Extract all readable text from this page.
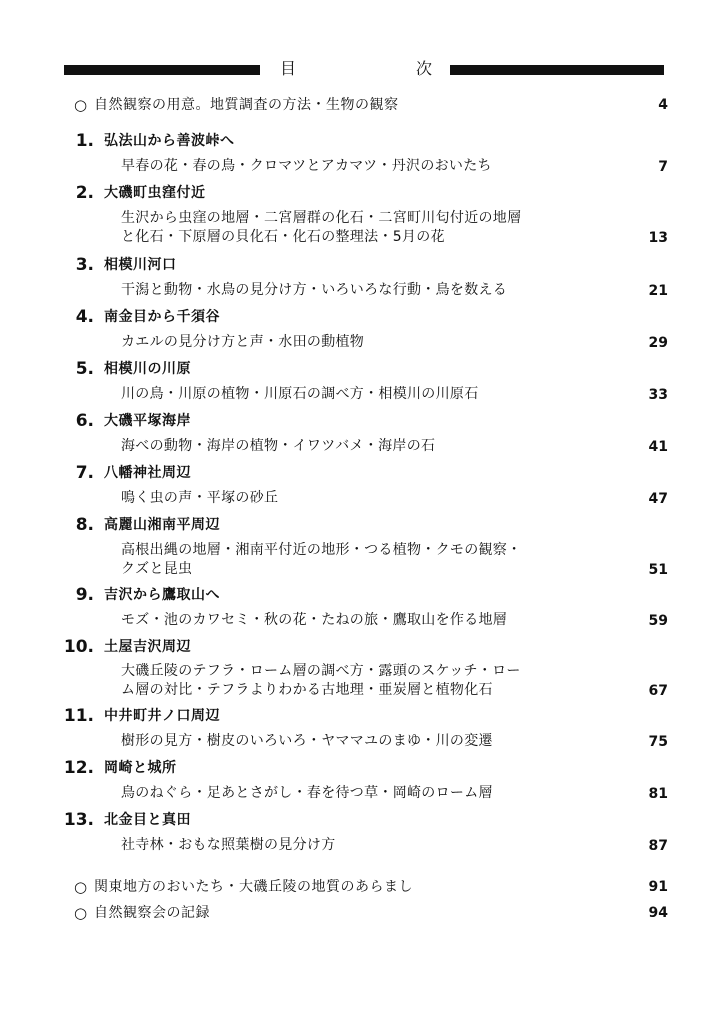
目	次
○ 自然観察の用意。地質調査の方法・生物の観察	4
1. 弘法山から善波峠へ
早春の花・春の鳥・クロマツとアカマツ・丹沢のおいたち	7
2. 大磯町虫窪付近
生沢から虫窪の地層・二宮層群の化石・二宮町川匂付近の地層
と化石・下原層の貝化石・化石の整理法・5月の花	13
3. 相模川河口
干潟と動物・水鳥の見分け方・いろいろな行動・鳥を数える	21
4. 南金目から千須谷
カエルの見分け方と声・水田の動植物	29
5. 相模川の川原
川の鳥・川原の植物・川原石の調べ方・相模川の川原石	33
6. 大磯平塚海岸
海べの動物・海岸の植物・イワツバメ・海岸の石	41
7. 八幡神社周辺
鳴く虫の声・平塚の砂丘	47
8. 高麗山湘南平周辺
高根出縄の地層・湘南平付近の地形・つる植物・クモの観察・
クズと昆虫	51
9. 吉沢から鷹取山へ
モズ・池のカワセミ・秋の花・たねの旅・鷹取山を作る地層	59
10. 土屋吉沢周辺
大磯丘陵のテフラ・ローム層の調べ方・露頭のスケッチ・ロー
ム層の対比・テフラよりわかる古地理・亜炭層と植物化石	67
11. 中井町井ノ口周辺
樹形の見方・樹皮のいろいろ・ヤママユのまゆ・川の変遷	75
12. 岡崎と城所
鳥のねぐら・足あとさがし・春を待つ草・岡崎のローム層	81
13. 北金目と真田
社寺林・おもな照葉樹の見分け方	87
○ 関東地方のおいたち・大磯丘陵の地質のあらまし	91
○ 自然観察会の記録	94
